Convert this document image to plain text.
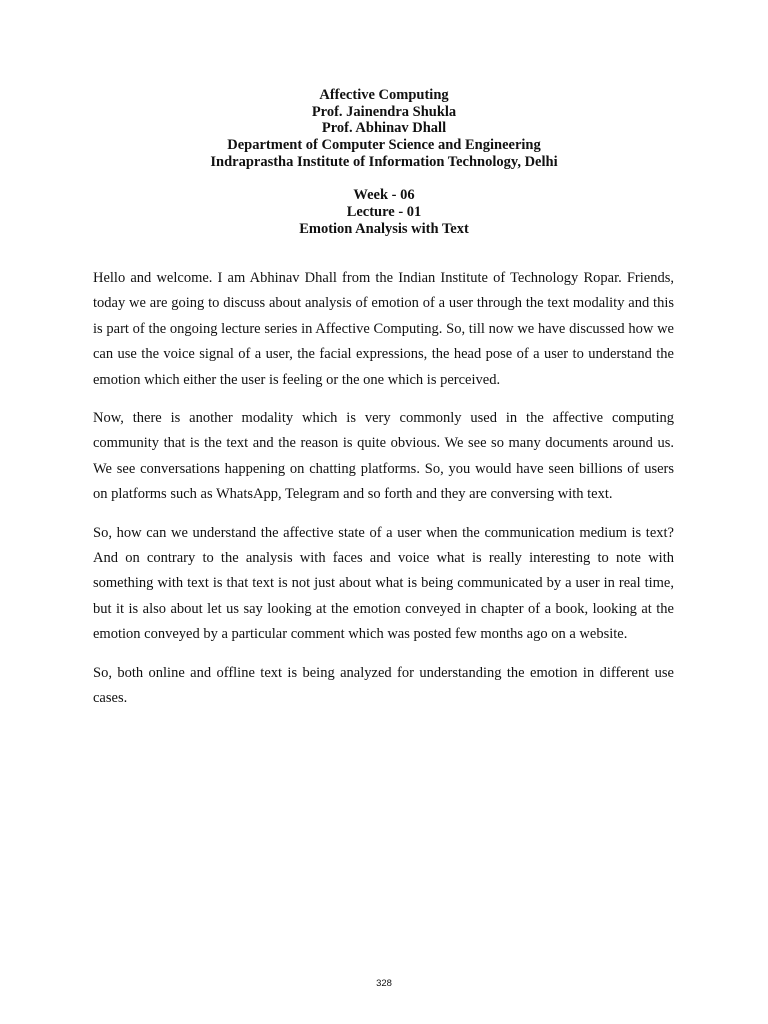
Affective Computing
Prof. Jainendra Shukla
Prof. Abhinav Dhall
Department of Computer Science and Engineering
Indraprastha Institute of Information Technology, Delhi
Week - 06
Lecture - 01
Emotion Analysis with Text

Hello and welcome. I am Abhinav Dhall from the Indian Institute of Technology Ropar. Friends, today we are going to discuss about analysis of emotion of a user through the text modality and this is part of the ongoing lecture series in Affective Computing. So, till now we have discussed how we can use the voice signal of a user, the facial expressions, the head pose of a user to understand the emotion which either the user is feeling or the one which is perceived.

Now, there is another modality which is very commonly used in the affective computing community that is the text and the reason is quite obvious. We see so many documents around us. We see conversations happening on chatting platforms. So, you would have seen billions of users on platforms such as WhatsApp, Telegram and so forth and they are conversing with text.

So, how can we understand the affective state of a user when the communication medium is text? And on contrary to the analysis with faces and voice what is really interesting to note with something with text is that text is not just about what is being communicated by a user in real time, but it is also about let us say looking at the emotion conveyed in chapter of a book, looking at the emotion conveyed by a particular comment which was posted few months ago on a website.

So, both online and offline text is being analyzed for understanding the emotion in different use cases.

328
